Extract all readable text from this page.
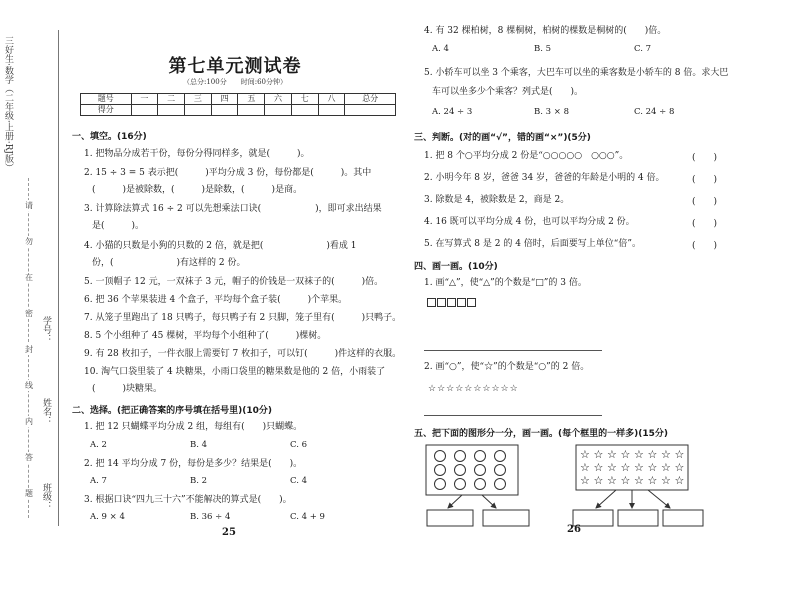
三好生·数学（二年级·上册·RJ版）
请
勿
在
密
封
线
内
答
题
学号：
姓名：
班级：
第七单元测试卷
（总分:100分　　时间:60分钟）
题号	一	二	三	四	五	六	七	八	总分
得分									
一、填空。(16分)
1. 把物品分成若干份，每份分得同样多，就是(　　　)。
2. 15 ÷ 3 = 5 表示把(　　　)平均分成 3 份，每份都是(　　　)。其中
(　　　)是被除数，(　　　)是除数，(　　　)是商。
3. 计算除法算式 16 ÷ 2 可以先想乘法口诀(　　　　　　)，即可求出结果
是(　　　)。
4. 小猫的只数是小狗的只数的 2 倍，就是把(　　　　　　　)看成 1
份，(　　　　　　　)有这样的 2 份。
5. 一顶帽子 12 元，一双袜子 3 元，帽子的价钱是一双袜子的(　　　)倍。
6. 把 36 个苹果装进 4 个盒子，平均每个盒子装(　　　)个苹果。
7. 从笼子里跑出了 18 只鸭子，每只鸭子有 2 只脚，笼子里有(　　　)只鸭子。
8. 5 个小组种了 45 棵树，平均每个小组种了(　　　)棵树。
9. 有 28 枚扣子，一件衣服上需要钉 7 枚扣子，可以钉(　　　)件这样的衣服。
10. 淘气口袋里装了 4 块糖果，小雨口袋里的糖果数是他的 2 倍，小雨装了
(　　　)块糖果。
二、选择。(把正确答案的序号填在括号里)(10分)
1. 把 12 只蝴蝶平均分成 2 组，每组有(　　)只蝴蝶。
A. 2	B. 4	C. 6
2. 把 14 平均分成 7 份，每份是多少？结果是(　　)。
A. 7	B. 2	C. 4
3. 根据口诀“四九三十六”不能解决的算式是(　　)。
A. 9 × 4	B. 36 ÷ 4	C. 4 + 9
25
4. 有 32 棵柏树，8 棵桐树，柏树的棵数是桐树的(　　)倍。
A. 4	B. 5	C. 7
5. 小轿车可以坐 3 个乘客，大巴车可以坐的乘客数是小轿车的 8 倍。求大巴
车可以坐多少个乘客？列式是(　　)。
A. 24 ÷ 3	B. 3 × 8	C. 24 ÷ 8
三、判断。(对的画“√”，错的画“×”)(5分)
1. 把 8 个○平均分成 2 份是“○○○○○　○○○”。	(　　)
2. 小明今年 8 岁，爸爸 34 岁，爸爸的年龄是小明的 4 倍。	(　　)
3. 除数是 4，被除数是 2，商是 2。	(　　)
4. 16 既可以平均分成 4 份，也可以平均分成 2 份。	(　　)
5. 在写算式 8 是 2 的 4 倍时，后面要写上单位“倍”。	(　　)
四、画一画。(10分)
1. 画“△”，使“△”的个数是“□”的 3 倍。
2. 画“○”，使“☆”的个数是“○”的 2 倍。
☆☆☆☆☆☆☆☆☆☆
五、把下面的图形分一分，画一画。(每个框里的一样多)(15分)
☆ ☆ ☆ ☆ ☆ ☆ ☆ ☆
☆ ☆ ☆ ☆ ☆ ☆ ☆ ☆
☆ ☆ ☆ ☆ ☆ ☆ ☆ ☆
26
